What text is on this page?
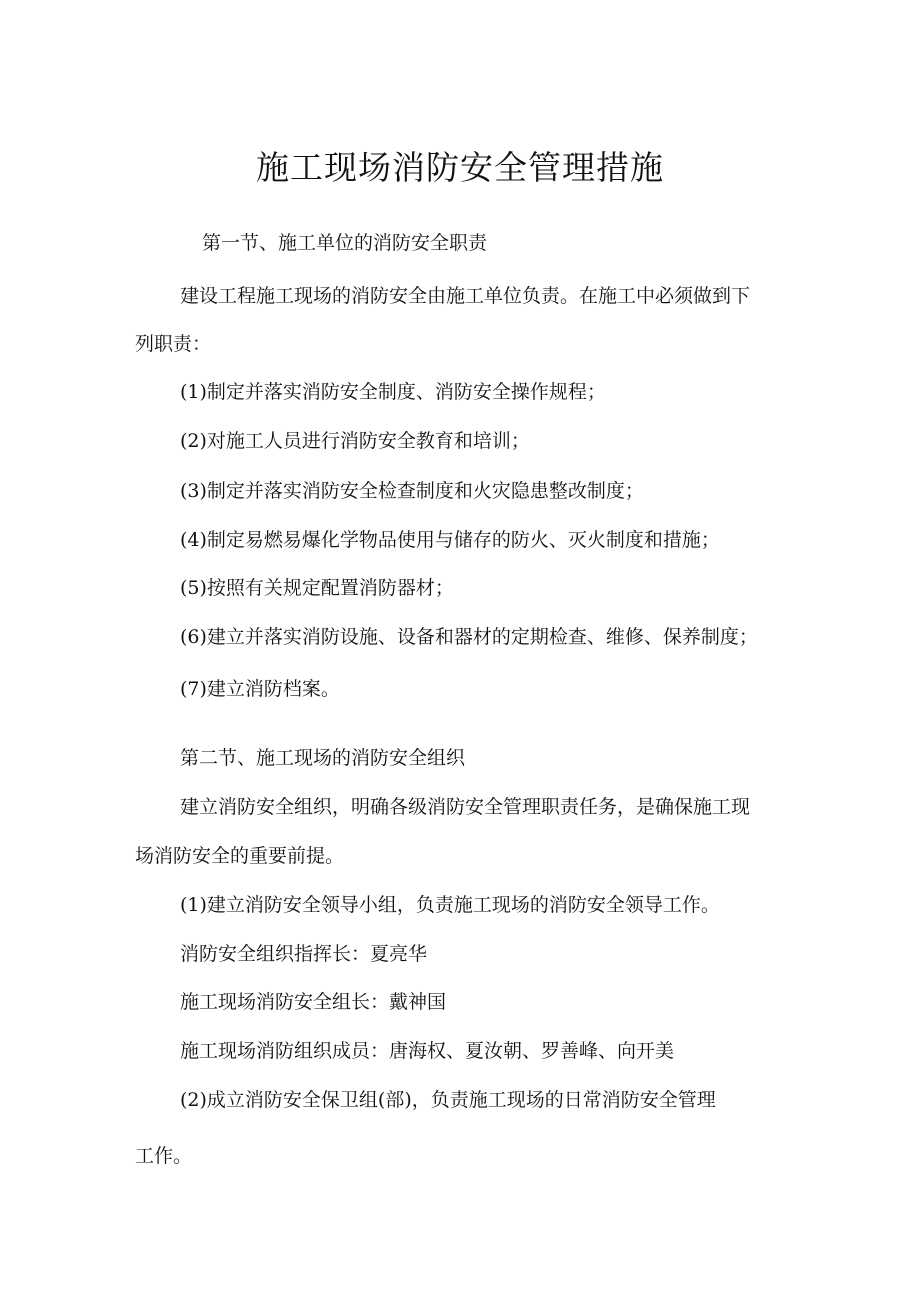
施工现场消防安全管理措施

第一节、施工单位的消防安全职责

建设工程施工现场的消防安全由施工单位负责。在施工中必须做到下

列职责：

(1)制定并落实消防安全制度、消防安全操作规程；

(2)对施工人员进行消防安全教育和培训；

(3)制定并落实消防安全检查制度和火灾隐患整改制度；

(4)制定易燃易爆化学物品使用与储存的防火、灭火制度和措施；

(5)按照有关规定配置消防器材；

(6)建立并落实消防设施、设备和器材的定期检查、维修、保养制度；

(7)建立消防档案。

第二节、施工现场的消防安全组织

建立消防安全组织，明确各级消防安全管理职责任务，是确保施工现

场消防安全的重要前提。

(1)建立消防安全领导小组，负责施工现场的消防安全领导工作。

消防安全组织指挥长：夏亮华

施工现场消防安全组长：戴神国

施工现场消防组织成员：唐海权、夏汝朝、罗善峰、向开美

(2)成立消防安全保卫组(部)，负责施工现场的日常消防安全管理

工作。
